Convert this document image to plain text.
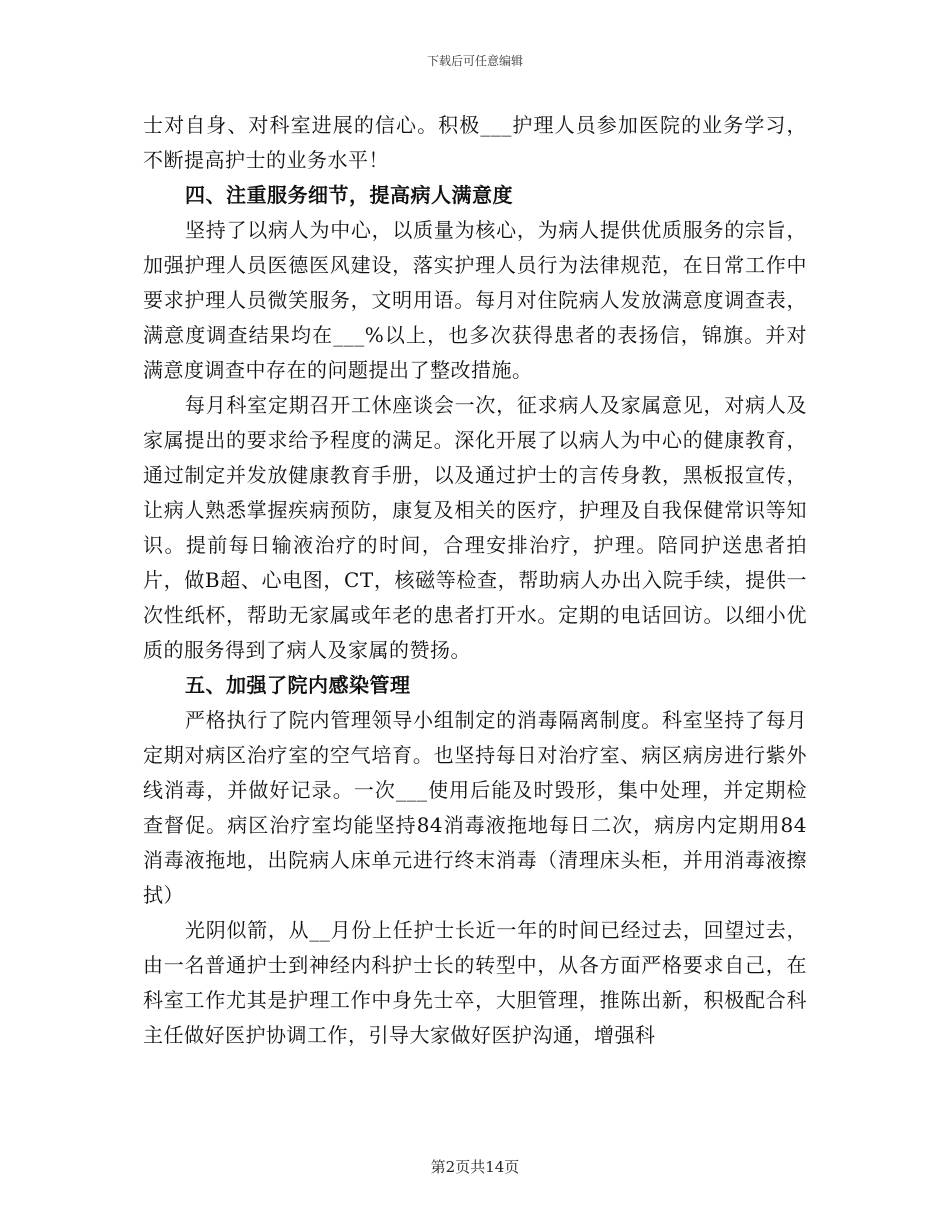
下载后可任意编辑

士对自身、对科室进展的信心。积极___护理人员参加医院的业务学习，不断提高护士的业务水平！

四、注重服务细节，提高病人满意度

坚持了以病人为中心，以质量为核心，为病人提供优质服务的宗旨，加强护理人员医德医风建设，落实护理人员行为法律规范，在日常工作中要求护理人员微笑服务，文明用语。每月对住院病人发放满意度调查表，满意度调查结果均在___%以上，也多次获得患者的表扬信，锦旗。并对满意度调查中存在的问题提出了整改措施。

每月科室定期召开工休座谈会一次，征求病人及家属意见，对病人及家属提出的要求给予程度的满足。深化开展了以病人为中心的健康教育，通过制定并发放健康教育手册，以及通过护士的言传身教，黑板报宣传，让病人熟悉掌握疾病预防，康复及相关的医疗，护理及自我保健常识等知识。提前每日输液治疗的时间，合理安排治疗，护理。陪同护送患者拍片，做B超、心电图，CT，核磁等检查，帮助病人办出入院手续，提供一次性纸杯，帮助无家属或年老的患者打开水。定期的电话回访。以细小优质的服务得到了病人及家属的赞扬。

五、加强了院内感染管理

严格执行了院内管理领导小组制定的消毒隔离制度。科室坚持了每月定期对病区治疗室的空气培育。也坚持每日对治疗室、病区病房进行紫外线消毒，并做好记录。一次___使用后能及时毁形，集中处理，并定期检查督促。病区治疗室均能坚持84消毒液拖地每日二次，病房内定期用84消毒液拖地，出院病人床单元进行终末消毒（清理床头柜，并用消毒液擦拭）

光阴似箭，从__月份上任护士长近一年的时间已经过去，回望过去，由一名普通护士到神经内科护士长的转型中，从各方面严格要求自己，在科室工作尤其是护理工作中身先士卒，大胆管理，推陈出新，积极配合科主任做好医护协调工作，引导大家做好医护沟通，增强科

第2页共14页
